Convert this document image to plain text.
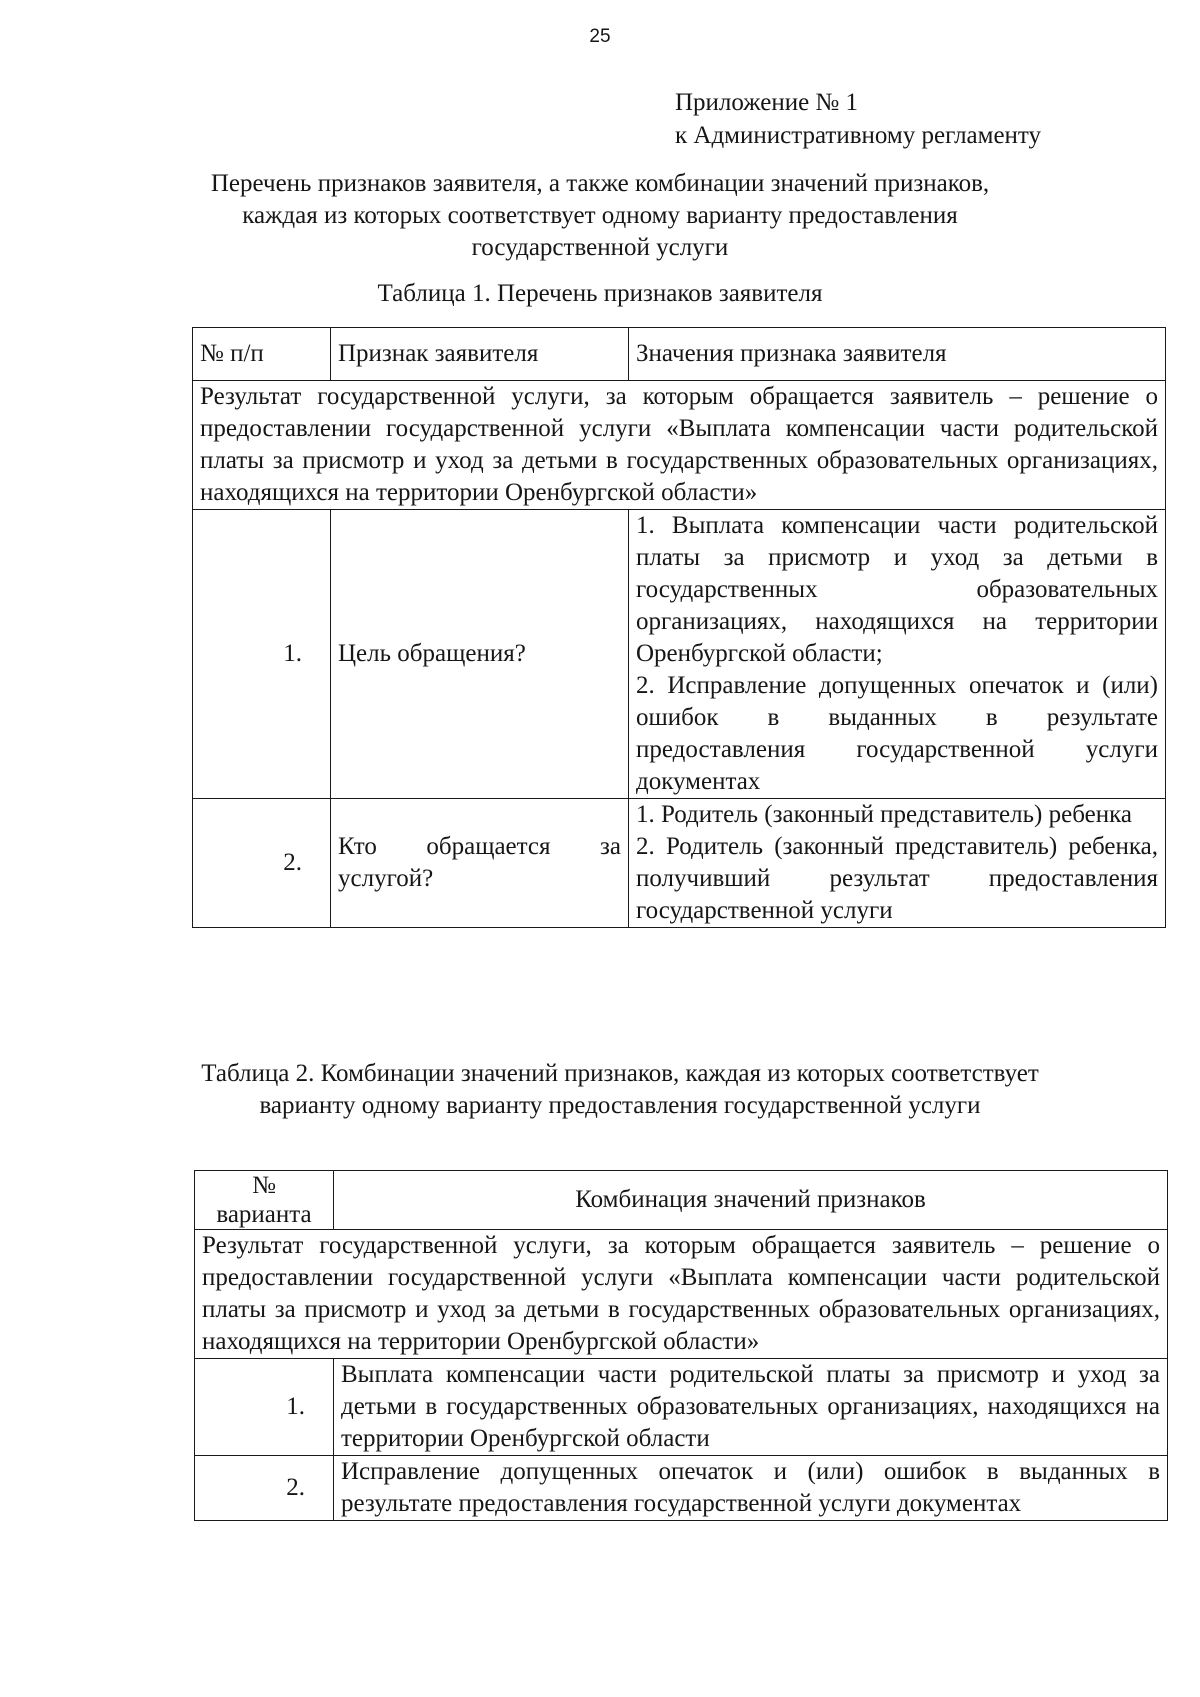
25
Приложение № 1
к Административному регламенту
Перечень признаков заявителя, а также комбинации значений признаков,
каждая из которых соответствует одному варианту предоставления
государственной услуги
Таблица 1. Перечень признаков заявителя
№ п/п	Признак заявителя	Значения признака заявителя
Результат государственной услуги, за которым обращается заявитель – решение о предоставлении государственной услуги «Выплата компенсации части родительской платы за присмотр и уход за детьми в государственных образовательных организациях, находящихся на территории Оренбургской области»		
1.	Цель обращения?	1. Выплата компенсации части родительской платы за присмотр и уход за детьми в государственных образовательных организациях, находящихся на территории Оренбургской области;
2. Исправление допущенных опечаток и (или) ошибок в выданных в результате предоставления государственной услуги документах

2.	Кто обращается за услугой?	1. Родитель (законный представитель) ребенка
2. Родитель (законный представитель) ребенка, получивший результат предоставления государственной услуги
Таблица 2. Комбинации значений признаков, каждая из которых соответствует варианту одному варианту предоставления государственной услуги
№ варианта	Комбинация значений признаков
Результат государственной услуги, за которым обращается заявитель – решение о предоставлении государственной услуги «Выплата компенсации части родительской платы за присмотр и уход за детьми в государственных образовательных организациях, находящихся на территории Оренбургской области»	
1.	Выплата компенсации части родительской платы за присмотр и уход за детьми в государственных образовательных организациях, находящихся на территории Оренбургской области
2.	Исправление допущенных опечаток и (или) ошибок в выданных в результате предоставления государственной услуги документах
